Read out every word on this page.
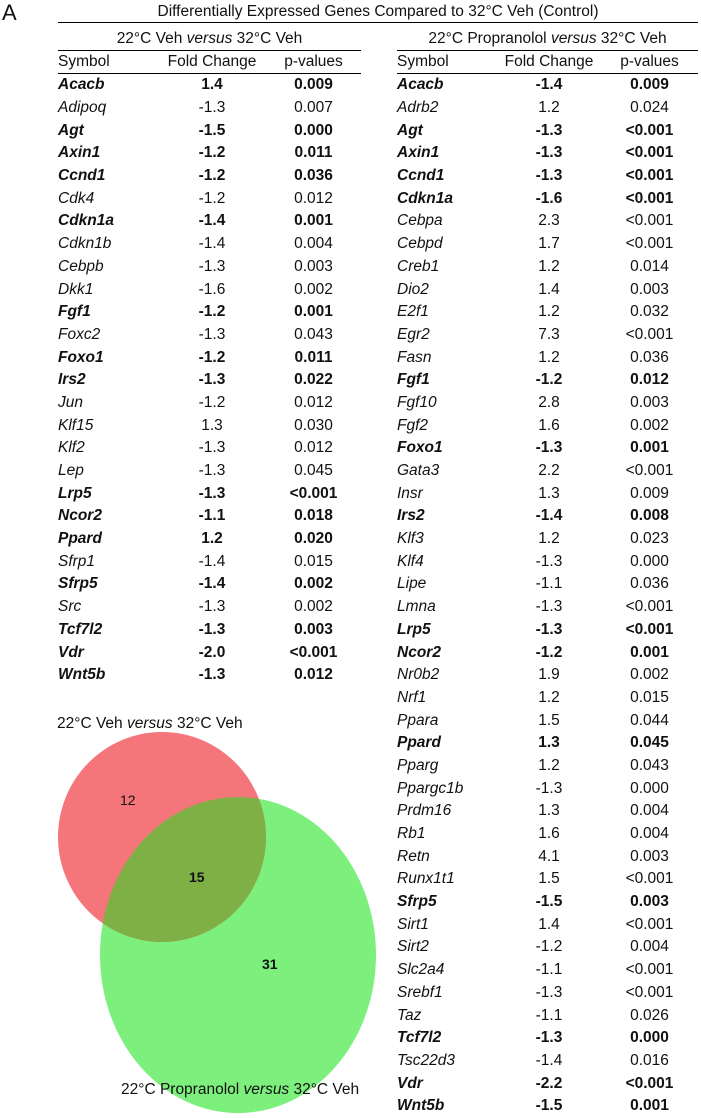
A	Differentially Expressed Genes Compared to 32°C Veh (Control)
22°C Veh versus 32°C Veh		
Symbol	Fold Change	p-values
Acacb	1.4	0.009
Adipoq	-1.3	0.007
Agt	-1.5	0.000
Axin1	-1.2	0.011
Ccnd1	-1.2	0.036
Cdk4	-1.2	0.012
Cdkn1a	-1.4	0.001
Cdkn1b	-1.4	0.004
Cebpb	-1.3	0.003
Dkk1	-1.6	0.002
Fgf1	-1.2	0.001
Foxc2	-1.3	0.043
Foxo1	-1.2	0.011
Irs2	-1.3	0.022
Jun	-1.2	0.012
Klf15	1.3	0.030
Klf2	-1.3	0.012
Lep	-1.3	0.045
Lrp5	-1.3	<0.001
Ncor2	-1.1	0.018
Ppard	1.2	0.020
Sfrp1	-1.4	0.015
Sfrp5	-1.4	0.002
Src	-1.3	0.002
Tcf7l2	-1.3	0.003
Vdr	-2.0	<0.001
Wnt5b	-1.3	0.012
22°C Propranolol versus 32°C Veh		
Symbol	Fold Change	p-values
Acacb	-1.4	0.009
Adrb2	1.2	0.024
Agt	-1.3	<0.001
Axin1	-1.3	<0.001
Ccnd1	-1.3	<0.001
Cdkn1a	-1.6	<0.001
Cebpa	2.3	<0.001
Cebpd	1.7	<0.001
Creb1	1.2	0.014
Dio2	1.4	0.003
E2f1	1.2	0.032
Egr2	7.3	<0.001
Fasn	1.2	0.036
Fgf1	-1.2	0.012
Fgf10	2.8	0.003
Fgf2	1.6	0.002
Foxo1	-1.3	0.001
Gata3	2.2	<0.001
Insr	1.3	0.009
Irs2	-1.4	0.008
Klf3	1.2	0.023
Klf4	-1.3	0.000
Lipe	-1.1	0.036
Lmna	-1.3	<0.001
Lrp5	-1.3	<0.001
Ncor2	-1.2	0.001
Nr0b2	1.9	0.002
Nrf1	1.2	0.015
Ppara	1.5	0.044
Ppard	1.3	0.045
Pparg	1.2	0.043
Ppargc1b	-1.3	0.000
Prdm16	1.3	0.004
Rb1	1.6	0.004
Retn	4.1	0.003
Runx1t1	1.5	<0.001
Sfrp5	-1.5	0.003
Sirt1	1.4	<0.001
Sirt2	-1.2	0.004
Slc2a4	-1.1	<0.001
Srebf1	-1.3	<0.001
Taz	-1.1	0.026
Tcf7l2	-1.3	0.000
Tsc22d3	-1.4	0.016
Vdr	-2.2	<0.001
Wnt5b	-1.5	0.001
22°C Veh versus 32°C Veh
12
15
31
22°C Propranolol versus 32°C Veh
